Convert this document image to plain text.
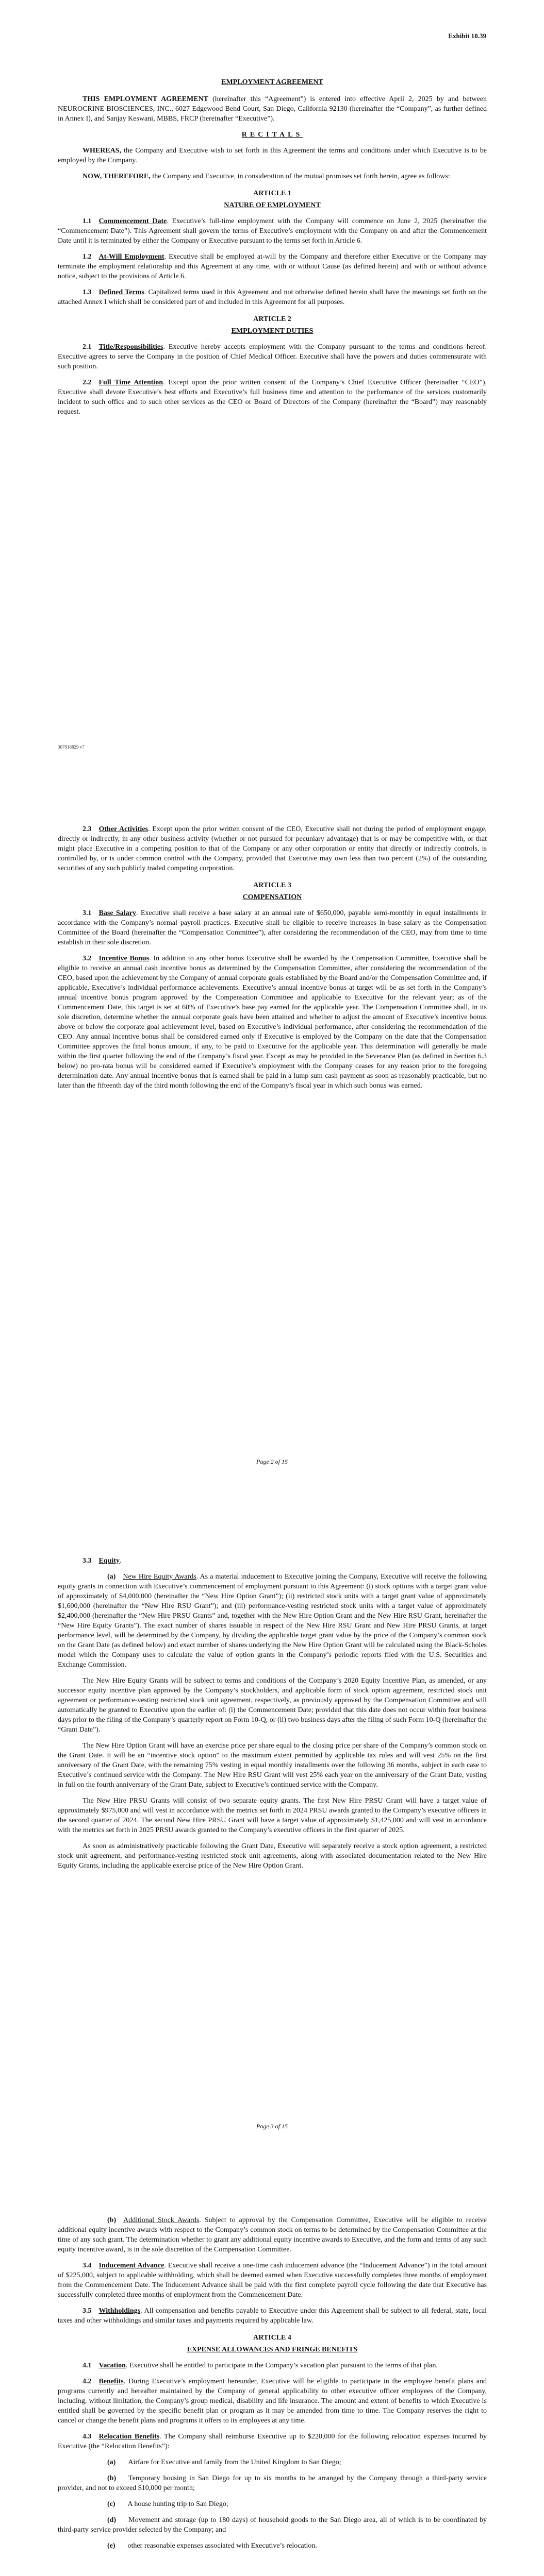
Exhibit 10.39
EMPLOYMENT AGREEMENT

THIS EMPLOYMENT AGREEMENT (hereinafter this “Agreement”) is entered into effective April 2, 2025 by and between NEUROCRINE BIOSCIENCES, INC., 6027 Edgewood Bend Court, San Diego, California 92130 (hereinafter the “Company”, as further defined in Annex I), and Sanjay Keswani, MBBS, FRCP (hereinafter “Executive”).

RECITALS

WHEREAS, the Company and Executive wish to set forth in this Agreement the terms and conditions under which Executive is to be employed by the Company.

NOW, THEREFORE, the Company and Executive, in consideration of the mutual promises set forth herein, agree as follows:

ARTICLE 1
NATURE OF EMPLOYMENT

1.1 Commencement Date. Executive’s full-time employment with the Company will commence on June 2, 2025 (hereinafter the “Commencement Date”). This Agreement shall govern the terms of Executive’s employment with the Company on and after the Commencement Date until it is terminated by either the Company or Executive pursuant to the terms set forth in Article 6.

1.2 At-Will Employment. Executive shall be employed at-will by the Company and therefore either Executive or the Company may terminate the employment relationship and this Agreement at any time, with or without Cause (as defined herein) and with or without advance notice, subject to the provisions of Article 6.

1.3 Defined Terms. Capitalized terms used in this Agreement and not otherwise defined herein shall have the meanings set forth on the attached Annex I which shall be considered part of and included in this Agreement for all purposes.

ARTICLE 2
EMPLOYMENT DUTIES

2.1 Title/Responsibilities. Executive hereby accepts employment with the Company pursuant to the terms and conditions hereof. Executive agrees to serve the Company in the position of Chief Medical Officer. Executive shall have the powers and duties commensurate with such position.

2.2 Full Time Attention. Except upon the prior written consent of the Company’s Chief Executive Officer (hereinafter “CEO”), Executive shall devote Executive’s best efforts and Executive’s full business time and attention to the performance of the services customarily incident to such office and to such other services as the CEO or Board of Directors of the Company (hereinafter the “Board”) may reasonably request.

307918829 v7

2.3 Other Activities. Except upon the prior written consent of the CEO, Executive shall not during the period of employment engage, directly or indirectly, in any other business activity (whether or not pursued for pecuniary advantage) that is or may be competitive with, or that might place Executive in a competing position to that of the Company or any other corporation or entity that directly or indirectly controls, is controlled by, or is under common control with the Company, provided that Executive may own less than two percent (2%) of the outstanding securities of any such publicly traded competing corporation.

ARTICLE 3
COMPENSATION

3.1 Base Salary. Executive shall receive a base salary at an annual rate of $650,000, payable semi-monthly in equal installments in accordance with the Company’s normal payroll practices. Executive shall be eligible to receive increases in base salary as the Compensation Committee of the Board (hereinafter the “Compensation Committee”), after considering the recommendation of the CEO, may from time to time establish in their sole discretion.

3.2 Incentive Bonus. In addition to any other bonus Executive shall be awarded by the Compensation Committee, Executive shall be eligible to receive an annual cash incentive bonus as determined by the Compensation Committee, after considering the recommendation of the CEO, based upon the achievement by the Company of annual corporate goals established by the Board and/or the Compensation Committee and, if applicable, Executive’s individual performance achievements. Executive’s annual incentive bonus at target will be as set forth in the Company’s annual incentive bonus program approved by the Compensation Committee and applicable to Executive for the relevant year; as of the Commencement Date, this target is set at 60% of Executive’s base pay earned for the applicable year. The Compensation Committee shall, in its sole discretion, determine whether the annual corporate goals have been attained and whether to adjust the amount of Executive’s incentive bonus above or below the corporate goal achievement level, based on Executive’s individual performance, after considering the recommendation of the CEO. Any annual incentive bonus shall be considered earned only if Executive is employed by the Company on the date that the Compensation Committee approves the final bonus amount, if any, to be paid to Executive for the applicable year. This determination will generally be made within the first quarter following the end of the Company’s fiscal year. Except as may be provided in the Severance Plan (as defined in Section 6.3 below) no pro-rata bonus will be considered earned if Executive’s employment with the Company ceases for any reason prior to the foregoing determination date. Any annual incentive bonus that is earned shall be paid in a lump sum cash payment as soon as reasonably practicable, but no later than the fifteenth day of the third month following the end of the Company’s fiscal year in which such bonus was earned.

Page 2 of 15

3.3 Equity.

(a) New Hire Equity Awards. As a material inducement to Executive joining the Company, Executive will receive the following equity grants in connection with Executive’s commencement of employment pursuant to this Agreement: (i) stock options with a target grant value of approximately of $4,000,000 (hereinafter the “New Hire Option Grant”); (ii) restricted stock units with a target grant value of approximately $1,600,000 (hereinafter the “New Hire RSU Grant”); and (iii) performance-vesting restricted stock units with a target value of approximately $2,400,000 (hereinafter the “New Hire PRSU Grants” and, together with the New Hire Option Grant and the New Hire RSU Grant, hereinafter the “New Hire Equity Grants”). The exact number of shares issuable in respect of the New Hire RSU Grant and New Hire PRSU Grants, at target performance level, will be determined by the Company, by dividing the applicable target grant value by the price of the Company’s common stock on the Grant Date (as defined below) and exact number of shares underlying the New Hire Option Grant will be calculated using the Black-Scholes model which the Company uses to calculate the value of option grants in the Company’s periodic reports filed with the U.S. Securities and Exchange Commission.

The New Hire Equity Grants will be subject to terms and conditions of the Company’s 2020 Equity Incentive Plan, as amended, or any successor equity incentive plan approved by the Company’s stockholders, and applicable form of stock option agreement, restricted stock unit agreement or performance-vesting restricted stock unit agreement, respectively, as previously approved by the Compensation Committee and will automatically be granted to Executive upon the earlier of: (i) the Commencement Date; provided that this date does not occur within four business days prior to the filing of the Company’s quarterly report on Form 10-Q, or (ii) two business days after the filing of such Form 10-Q (hereinafter the “Grant Date”).

The New Hire Option Grant will have an exercise price per share equal to the closing price per share of the Company’s common stock on the Grant Date. It will be an “incentive stock option” to the maximum extent permitted by applicable tax rules and will vest 25% on the first anniversary of the Grant Date, with the remaining 75% vesting in equal monthly installments over the following 36 months, subject in each case to Executive’s continued service with the Company. The New Hire RSU Grant will vest 25% each year on the anniversary of the Grant Date, vesting in full on the fourth anniversary of the Grant Date, subject to Executive’s continued service with the Company.

The New Hire PRSU Grants will consist of two separate equity grants. The first New Hire PRSU Grant will have a target value of approximately $975,000 and will vest in accordance with the metrics set forth in 2024 PRSU awards granted to the Company’s executive officers in the second quarter of 2024. The second New Hire PRSU Grant will have a target value of approximately $1,425,000 and will vest in accordance with the metrics set forth in 2025 PRSU awards granted to the Company’s executive officers in the first quarter of 2025.

As soon as administratively practicable following the Grant Date, Executive will separately receive a stock option agreement, a restricted stock unit agreement, and performance-vesting restricted stock unit agreements, along with associated documentation related to the New Hire Equity Grants, including the applicable exercise price of the New Hire Option Grant.

Page 3 of 15

(b) Additional Stock Awards. Subject to approval by the Compensation Committee, Executive will be eligible to receive additional equity incentive awards with respect to the Company’s common stock on terms to be determined by the Compensation Committee at the time of any such grant. The determination whether to grant any additional equity incentive awards to Executive, and the form and terms of any such equity incentive award, is in the sole discretion of the Compensation Committee.

3.4 Inducement Advance. Executive shall receive a one-time cash inducement advance (the “Inducement Advance”) in the total amount of $225,000, subject to applicable withholding, which shall be deemed earned when Executive successfully completes three months of employment from the Commencement Date. The Inducement Advance shall be paid with the first complete payroll cycle following the date that Executive has successfully completed three months of employment from the Commencement Date.

3.5 Withholdings. All compensation and benefits payable to Executive under this Agreement shall be subject to all federal, state, local taxes and other withholdings and similar taxes and payments required by applicable law.

ARTICLE 4
EXPENSE ALLOWANCES AND FRINGE BENEFITS

4.1 Vacation. Executive shall be entitled to participate in the Company’s vacation plan pursuant to the terms of that plan.

4.2 Benefits. During Executive’s employment hereunder, Executive will be eligible to participate in the employee benefit plans and programs currently and hereafter maintained by the Company of general applicability to other executive officer employees of the Company, including, without limitation, the Company’s group medical, disability and life insurance. The amount and extent of benefits to which Executive is entitled shall be governed by the specific benefit plan or program as it may be amended from time to time. The Company reserves the right to cancel or change the benefit plans and programs it offers to its employees at any time.

4.3 Relocation Benefits. The Company shall reimburse Executive up to $220,000 for the following relocation expenses incurred by Executive (the “Relocation Benefits”):

(a) Airfare for Executive and family from the United Kingdom to San Diego;

(b) Temporary housing in San Diego for up to six months to be arranged by the Company through a third-party service provider, and not to exceed $10,000 per month;

(c) A house hunting trip to San Diego;

(d) Movement and storage (up to 180 days) of household goods to the San Diego area, all of which is to be coordinated by third-party service provider selected by the Company; and

(e) other reasonable expenses associated with Executive’s relocation.
